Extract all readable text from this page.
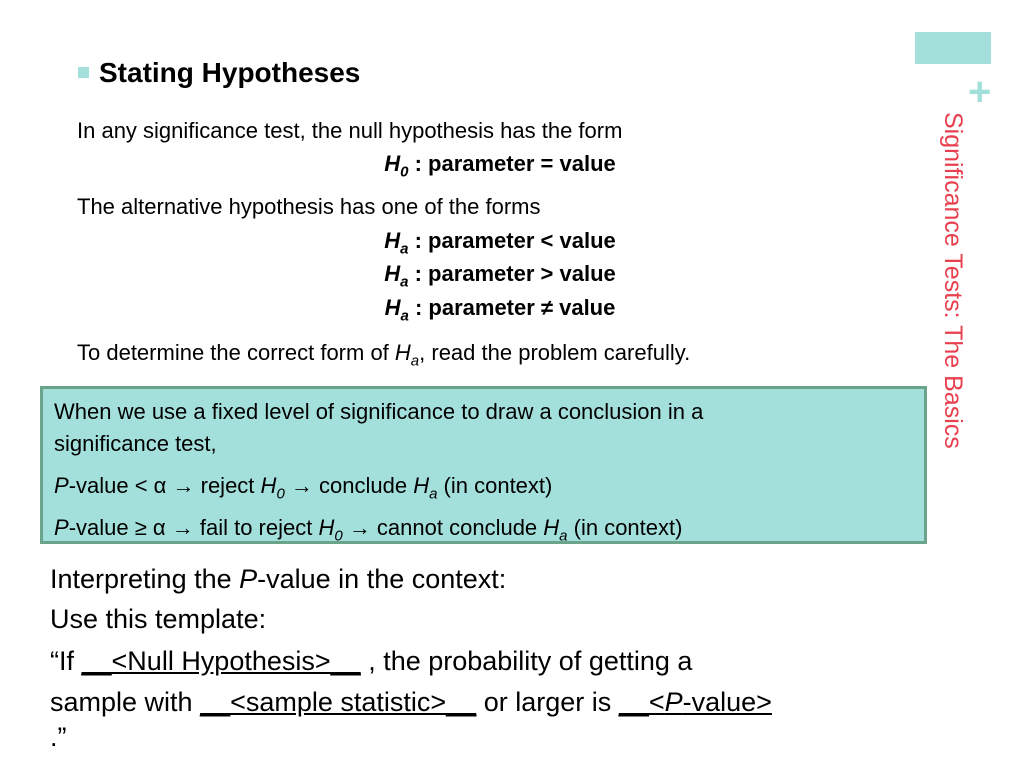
+
Significance Tests: The Basics
Stating Hypotheses
In any significance test, the null hypothesis has the form
$H_0$ : parameter = value
The alternative hypothesis has one of the forms
$H_a$ : parameter < value
$H_a$ : parameter > value
$H_a$ : parameter ≠ value
To determine the correct form of $H_a$, read the problem carefully.
When we use a fixed level of significance to draw a conclusion in a
significance test,
P-value < α → reject $H_0$ → conclude $H_a$ (in context)
P-value ≥ α → fail to reject $H_0$ → cannot conclude $H_a$ (in context)
Interpreting the P-value in the context:
Use this template:
“If __<Null Hypothesis>__ , the probability of getting a
sample with __<sample statistic>__ or larger is __<P-value>
.”
